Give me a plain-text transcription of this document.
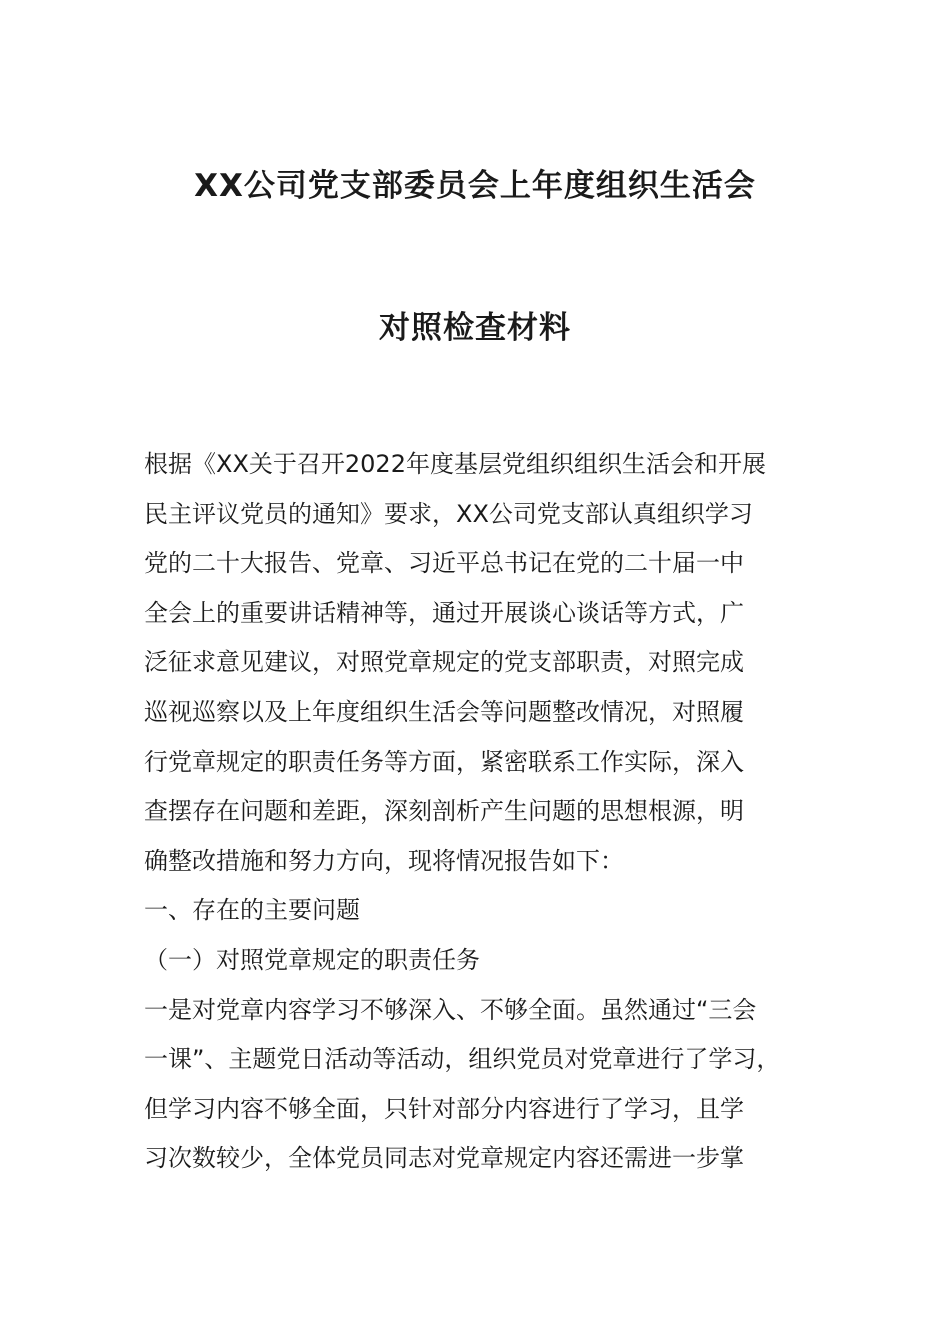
XX公司党支部委员会上年度组织生活会
对照检查材料
根据《XX关于召开2022年度基层党组织组织生活会和开展
民主评议党员的通知》要求，XX公司党支部认真组织学习
党的二十大报告、党章、习近平总书记在党的二十届一中
全会上的重要讲话精神等，通过开展谈心谈话等方式，广
泛征求意见建议，对照党章规定的党支部职责，对照完成
巡视巡察以及上年度组织生活会等问题整改情况，对照履
行党章规定的职责任务等方面，紧密联系工作实际，深入
查摆存在问题和差距，深刻剖析产生问题的思想根源，明
确整改措施和努力方向，现将情况报告如下：
一、存在的主要问题
（一）对照党章规定的职责任务
一是对党章内容学习不够深入、不够全面。虽然通过“三会
一课”、主题党日活动等活动，组织党员对党章进行了学习，
但学习内容不够全面，只针对部分内容进行了学习，且学
习次数较少，全体党员同志对党章规定内容还需进一步掌
